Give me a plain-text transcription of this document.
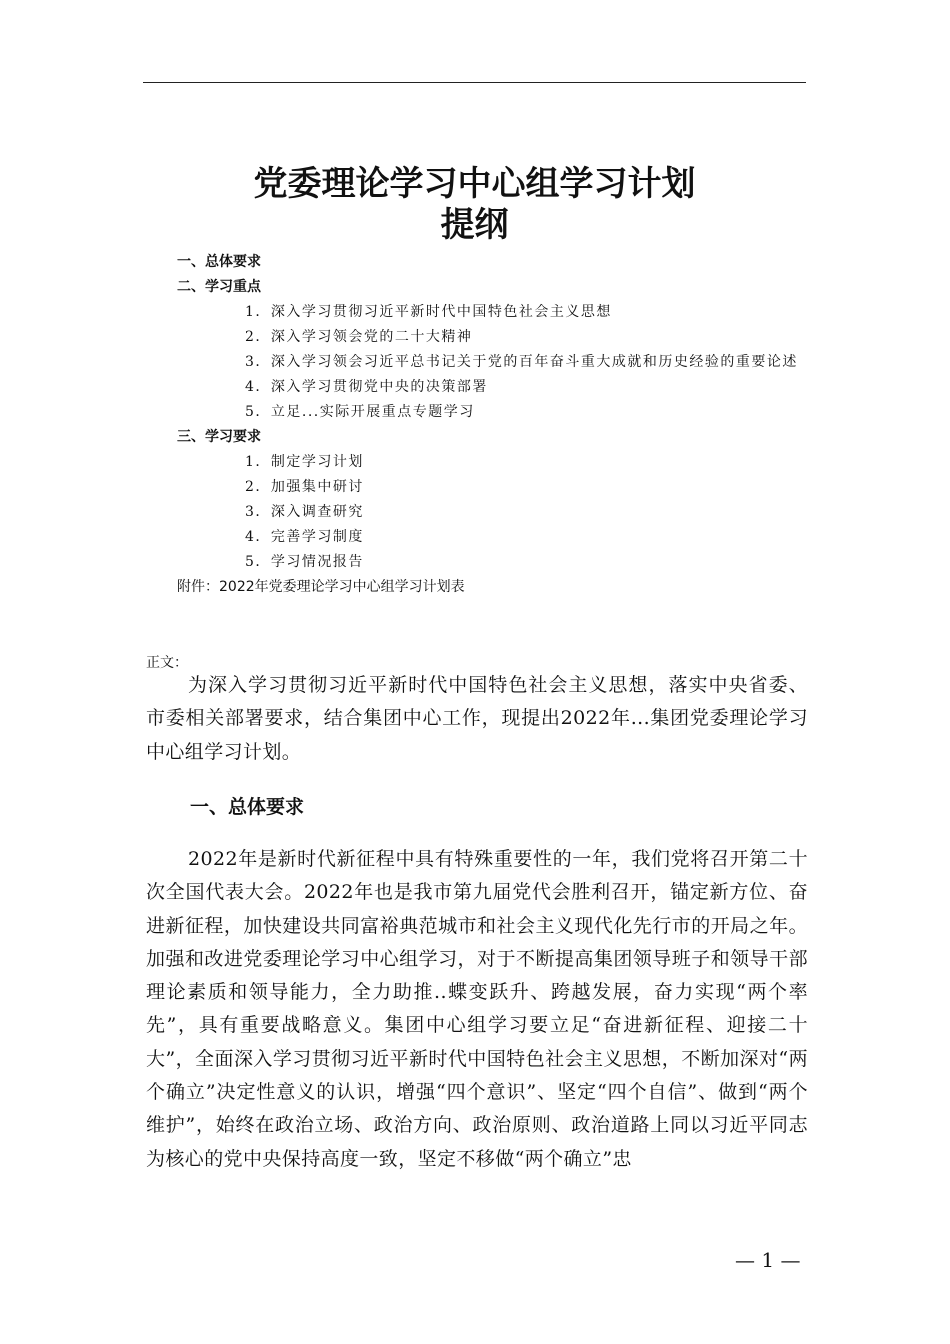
党委理论学习中心组学习计划
提纲
一、总体要求
二、学习重点
1．深入学习贯彻习近平新时代中国特色社会主义思想
2．深入学习领会党的二十大精神
3．深入学习领会习近平总书记关于党的百年奋斗重大成就和历史经验的重要论述
4．深入学习贯彻党中央的决策部署
5．立足...实际开展重点专题学习
三、学习要求
1．制定学习计划
2．加强集中研讨
3．深入调查研究
4．完善学习制度
5．学习情况报告
附件：2022年党委理论学习中心组学习计划表
正文：
为深入学习贯彻习近平新时代中国特色社会主义思想，落实中央省委、市委相关部署要求，结合集团中心工作，现提出2022年...集团党委理论学习中心组学习计划。
一、总体要求
2022年是新时代新征程中具有特殊重要性的一年，我们党将召开第二十次全国代表大会。2022年也是我市第九届党代会胜利召开，锚定新方位、奋进新征程，加快建设共同富裕典范城市和社会主义现代化先行市的开局之年。加强和改进党委理论学习中心组学习，对于不断提高集团领导班子和领导干部理论素质和领导能力，全力助推..蝶变跃升、跨越发展，奋力实现“两个率先”，具有重要战略意义。集团中心组学习要立足“奋进新征程、迎接二十大”，全面深入学习贯彻习近平新时代中国特色社会主义思想，不断加深对“两个确立”决定性意义的认识，增强“四个意识”、坚定“四个自信”、做到“两个维护”，始终在政治立场、政治方向、政治原则、政治道路上同以习近平同志为核心的党中央保持高度一致，坚定不移做“两个确立”忠
— 1 —
